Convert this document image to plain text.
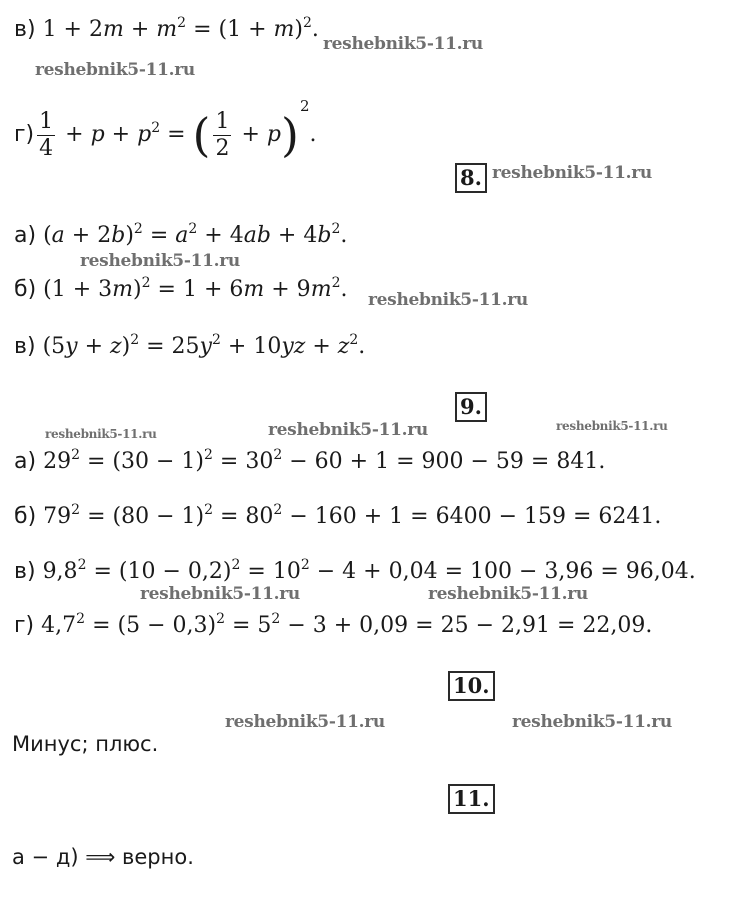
в) $1 + 2m + m^2 = (1 + m)^2$.
$г) \frac{1}{4} + p + p^2$ = ( $\frac{1}{2} + p)2$.
8.
а) $(a + 2b)^2 = a^2 + 4ab + 4b^2$.
б) $(1 + 3m)^2 = 1 + 6m + 9m^2$.
в) $(5y + z)^2 = 25y^2 + 10yz + z^2$.
9.
а) $29^2 = (30 - 1)^2 = 30^2 - 60 + 1 = 900 - 59 = 841$.
б) $79^2 = (80 - 1)^2 = 80^2 - 160 + 1 = 6400 - 159 = 6241$.
в) $9,8^2 = (10 - 0,2)^2 = 10^2 - 4 + 0,04 = 100 - 3,96 = 96,04$.
г) $4,7^2 = (5 - 0,3)^2 = 5^2 - 3 + 0,09 = 25 - 2,91 = 22,09$.
10.
Минус; плюс.
11.
а − д) ⟹ верно.
reshebnik5-11.ru
reshebnik5-11.ru
reshebnik5-11.ru
reshebnik5-11.ru
reshebnik5-11.ru
reshebnik5-11.ru	reshebnik5-11.ru	reshebnik5-11.ru
reshebnik5-11.ru	reshebnik5-11.ru
reshebnik5-11.ru	reshebnik5-11.ru
